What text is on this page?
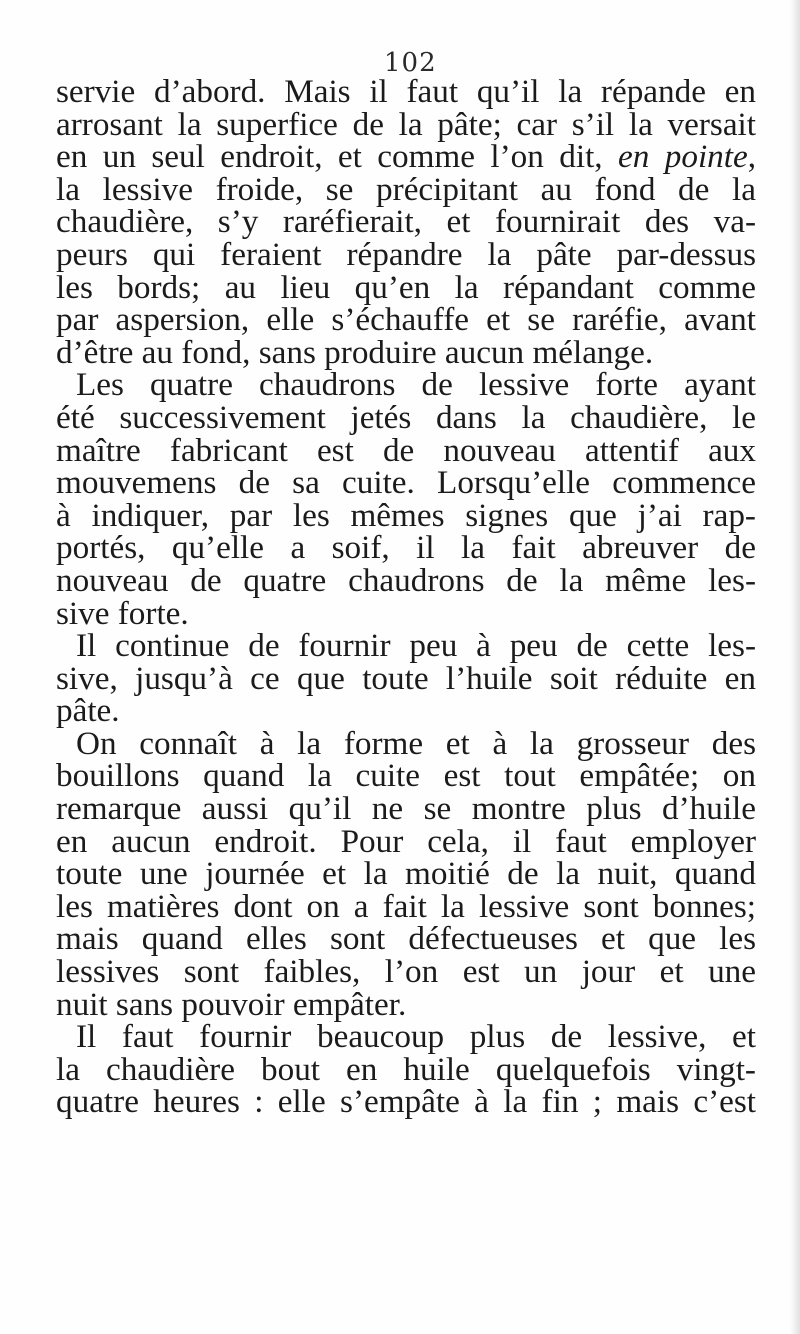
102

servie d’abord. Mais il faut qu’il la répande en

arrosant la superfice de la pâte; car s’il la versait

en un seul endroit, et comme l’on dit, en pointe,

la lessive froide, se précipitant au fond de la

chaudière, s’y raréfierait, et fournirait des va-

peurs qui feraient répandre la pâte par-dessus

les bords; au lieu qu’en la répandant comme

par aspersion, elle s’échauffe et se raréfie, avant

d’être au fond, sans produire aucun mélange.

Les quatre chaudrons de lessive forte ayant

été successivement jetés dans la chaudière, le

maître fabricant est de nouveau attentif aux

mouvemens de sa cuite. Lorsqu’elle commence

à indiquer, par les mêmes signes que j’ai rap-

portés, qu’elle a soif, il la fait abreuver de

nouveau de quatre chaudrons de la même les-

sive forte.

Il continue de fournir peu à peu de cette les-

sive, jusqu’à ce que toute l’huile soit réduite en

pâte.

On connaît à la forme et à la grosseur des

bouillons quand la cuite est tout empâtée; on

remarque aussi qu’il ne se montre plus d’huile

en aucun endroit. Pour cela, il faut employer

toute une journée et la moitié de la nuit, quand

les matières dont on a fait la lessive sont bonnes;

mais quand elles sont défectueuses et que les

lessives sont faibles, l’on est un jour et une

nuit sans pouvoir empâter.

Il faut fournir beaucoup plus de lessive, et

la chaudière bout en huile quelquefois vingt-

quatre heures : elle s’empâte à la fin ; mais c’est
